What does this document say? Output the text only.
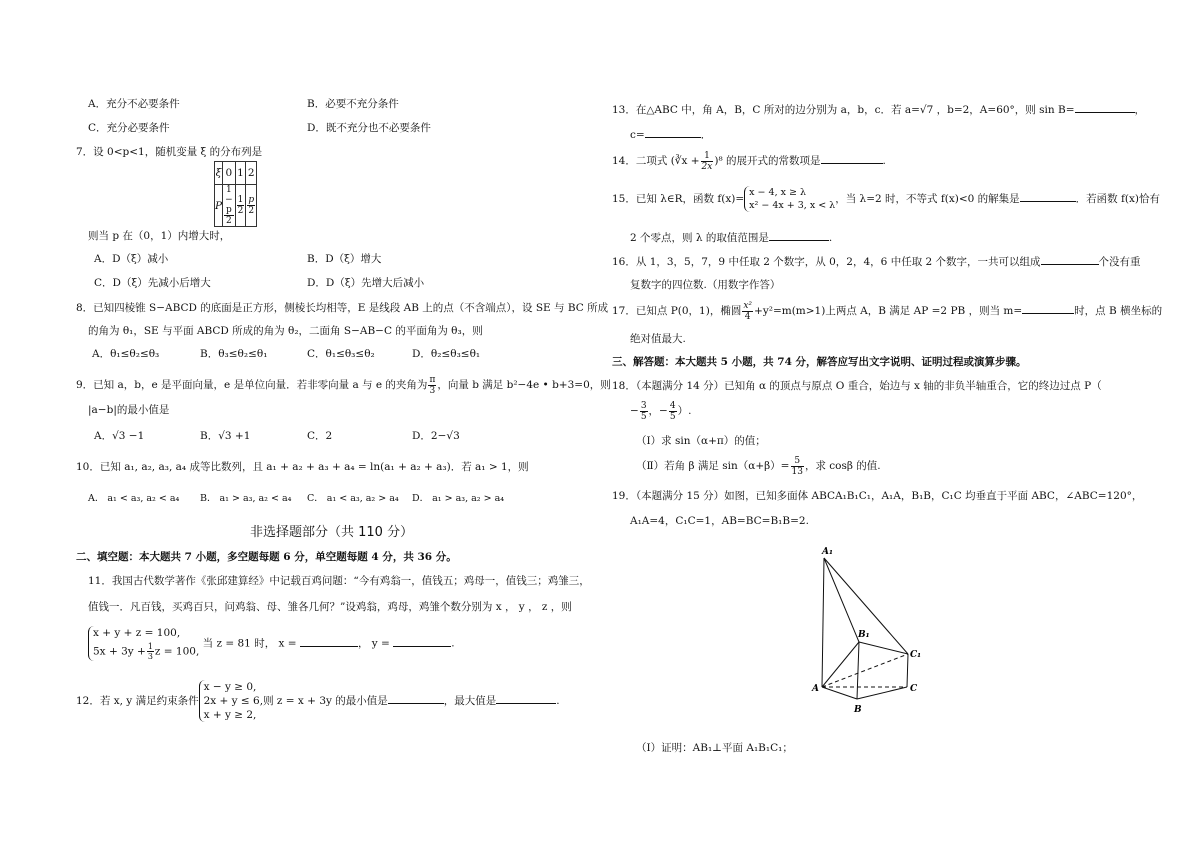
A．充分不必要条件	B．必要不充分条件
C．充分必要条件	D．既不充分也不必要条件
7．设 0<p<1，随机变量 ξ 的分布列是
ξ	0	1	2
P	$\frac{1 - p}{2}$	$\frac{1}{2}$	$\frac{p}{2}$
则当 p 在（0，1）内增大时，
A．D（ξ）减小	B．D（ξ）增大
C．D（ξ）先减小后增大	D．D（ξ）先增大后减小
8．已知四棱锥 S−ABCD 的底面是正方形，侧棱长均相等，E 是线段 AB 上的点（不含端点），设 SE 与 BC 所成
的角为 θ₁，SE 与平面 ABCD 所成的角为 θ₂，二面角 S−AB−C 的平面角为 θ₃，则
A．θ₁≤θ₂≤θ₃	B．θ₃≤θ₂≤θ₁	C．θ₁≤θ₃≤θ₂	D．θ₂≤θ₃≤θ₁
9．已知 a，b，e 是平面向量，e 是单位向量．若非零向量 a 与 e 的夹角为 $\frac{\pi}{3}$ ，向量 b 满足 b²−4e • b+3=0，则
|a−b|的最小值是
A．√3 −1	B．√3 +1	C．2	D．2−√3
10．已知 a₁, a₂, a₃, a₄ 成等比数列，且 a₁ + a₂ + a₃ + a₄ = ln(a₁ + a₂ + a₃)．若 a₁ > 1，则
A． a₁ < a₃, a₂ < a₄ B． a₁ > a₃, a₂ < a₄ C． a₁ < a₃, a₂ > a₄ D． a₁ > a₃, a₂ > a₄
非选择题部分（共 110 分）
二、填空题：本大题共 7 小题，多空题每题 6 分，单空题每题 4 分，共 36 分。
11．我国古代数学著作《张邱建算经》中记载百鸡问题：“今有鸡翁一，值钱五；鸡母一，值钱三；鸡雏三，
值钱一．凡百钱，买鸡百只，问鸡翁、母、雏各几何？”设鸡翁，鸡母，鸡雏个数分别为 x ， y ， z ，则
x + y + z = 100,
$5x + 3y + \frac{1}{3}$ z = 100,
当 z = 81 时， x =	， y =	.
12．若 x, y 满足约束条件
x − y ≥ 0,
2x + y ≤ 6,
x + y ≥ 2,
则 z = x + 3y 的最小值是	，最大值是	.
13．在△ABC 中，角 A，B，C 所对的边分别为 a，b，c．若 a=√7 ，b=2，A=60°，则 sin B=	，
c=	．
14．二项式 (∛x + $\frac{1}{2x} )^8$ 的展开式的常数项是	.
15．已知 λ∈R，函数 f(x)=
x − 4, x ≥ λ
x² − 4x + 3, x < λ
，当 λ=2 时，不等式 f(x)<0 的解集是	．若函数 f(x)恰有
2 个零点，则 λ 的取值范围是	.
16．从 1，3，5，7，9 中任取 2 个数字，从 0，2，4，6 中任取 2 个数字，一共可以组成	个没有重
复数字的四位数.（用数字作答）
17．已知点 P(0，1)，椭圆 $\frac{\text{x²}}{4} +y^2=m(m>1)$上两点 A，B 满足 AP =2 PB ，则当 m=	时，点 B 横坐标的
绝对值最大.
三、解答题：本大题共 5 小题，共 74 分，解答应写出文字说明、证明过程或演算步骤。
18．（本题满分 14 分）已知角 α 的顶点与原点 O 重合，始边与 x 轴的非负半轴重合，它的终边过点 P（
− $\frac{3}{5}$ ，− $\frac{4}{5}$ ）.
（Ⅰ）求 sin（α+π）的值；
（Ⅱ）若角 β 满足 $\sin(\alpha+\beta)= \frac{5}{13}$ ，求 cosβ 的值.
19．（本题满分 15 分）如图，已知多面体 ABCA₁B₁C₁，A₁A，B₁B，C₁C 均垂直于平面 ABC，∠ABC=120°，
A₁A=4，C₁C=1，AB=BC=B₁B=2.
A₁
B₁
C₁
A
B
C
（Ⅰ）证明：AB₁⊥平面 A₁B₁C₁；
